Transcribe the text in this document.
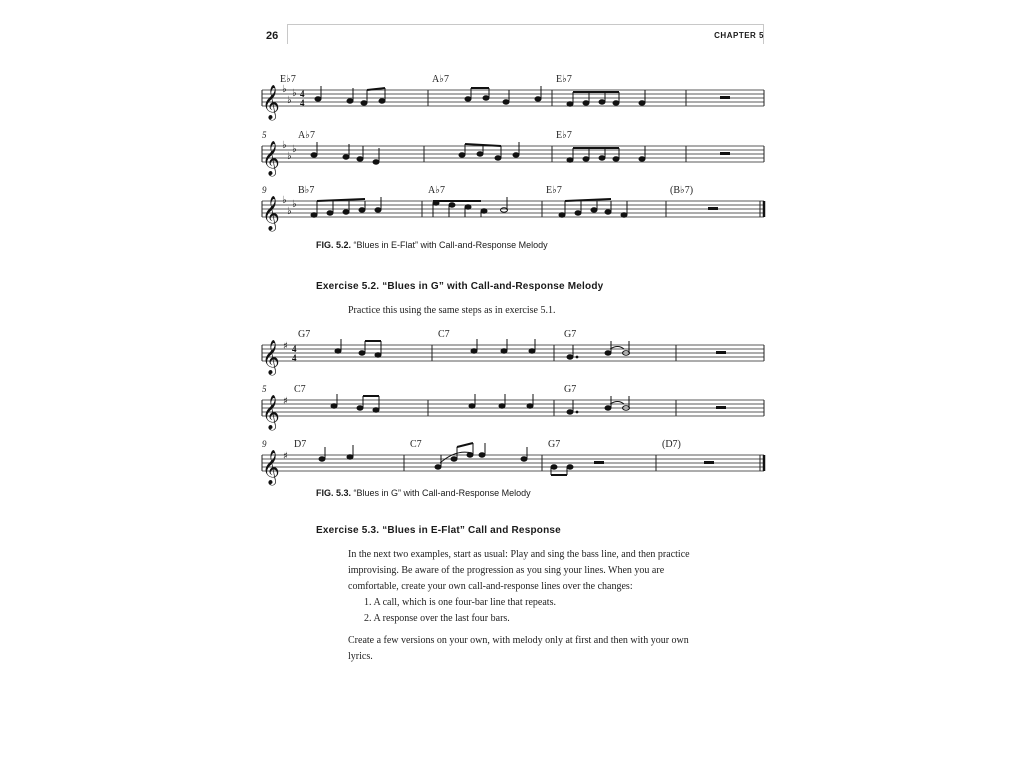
26	CHAPTER 5
E♭7	A♭7	E♭7
𝄞 ♭
♭
♭ 4
4
5	A♭7	E♭7
𝄞 ♭
♭
♭
9	B♭7	A♭7	E♭7	(B♭7)
𝄞 ♭
♭
♭
FIG. 5.2. “Blues in E-Flat” with Call-and-Response Melody
Exercise 5.2. “Blues in G” with Call-and-Response Melody

Practice this using the same steps as in exercise 5.1.

G7	C7	G7
𝄞 ♯ 4
4
5	C7	G7
𝄞 ♯
9	D7	C7	G7	(D7)
𝄞 ♯
FIG. 5.3. “Blues in G” with Call-and-Response Melody
Exercise 5.3. “Blues in E-Flat” Call and Response

In the next two examples, start as usual: Play and sing the bass line, and then practice improvising. Be aware of the progression as you sing your lines. When you are comfortable, create your own call-and-response lines over the changes:

1. A call, which is one four-bar line that repeats.

2. A response over the last four bars.

Create a few versions on your own, with melody only at first and then with your own lyrics.
